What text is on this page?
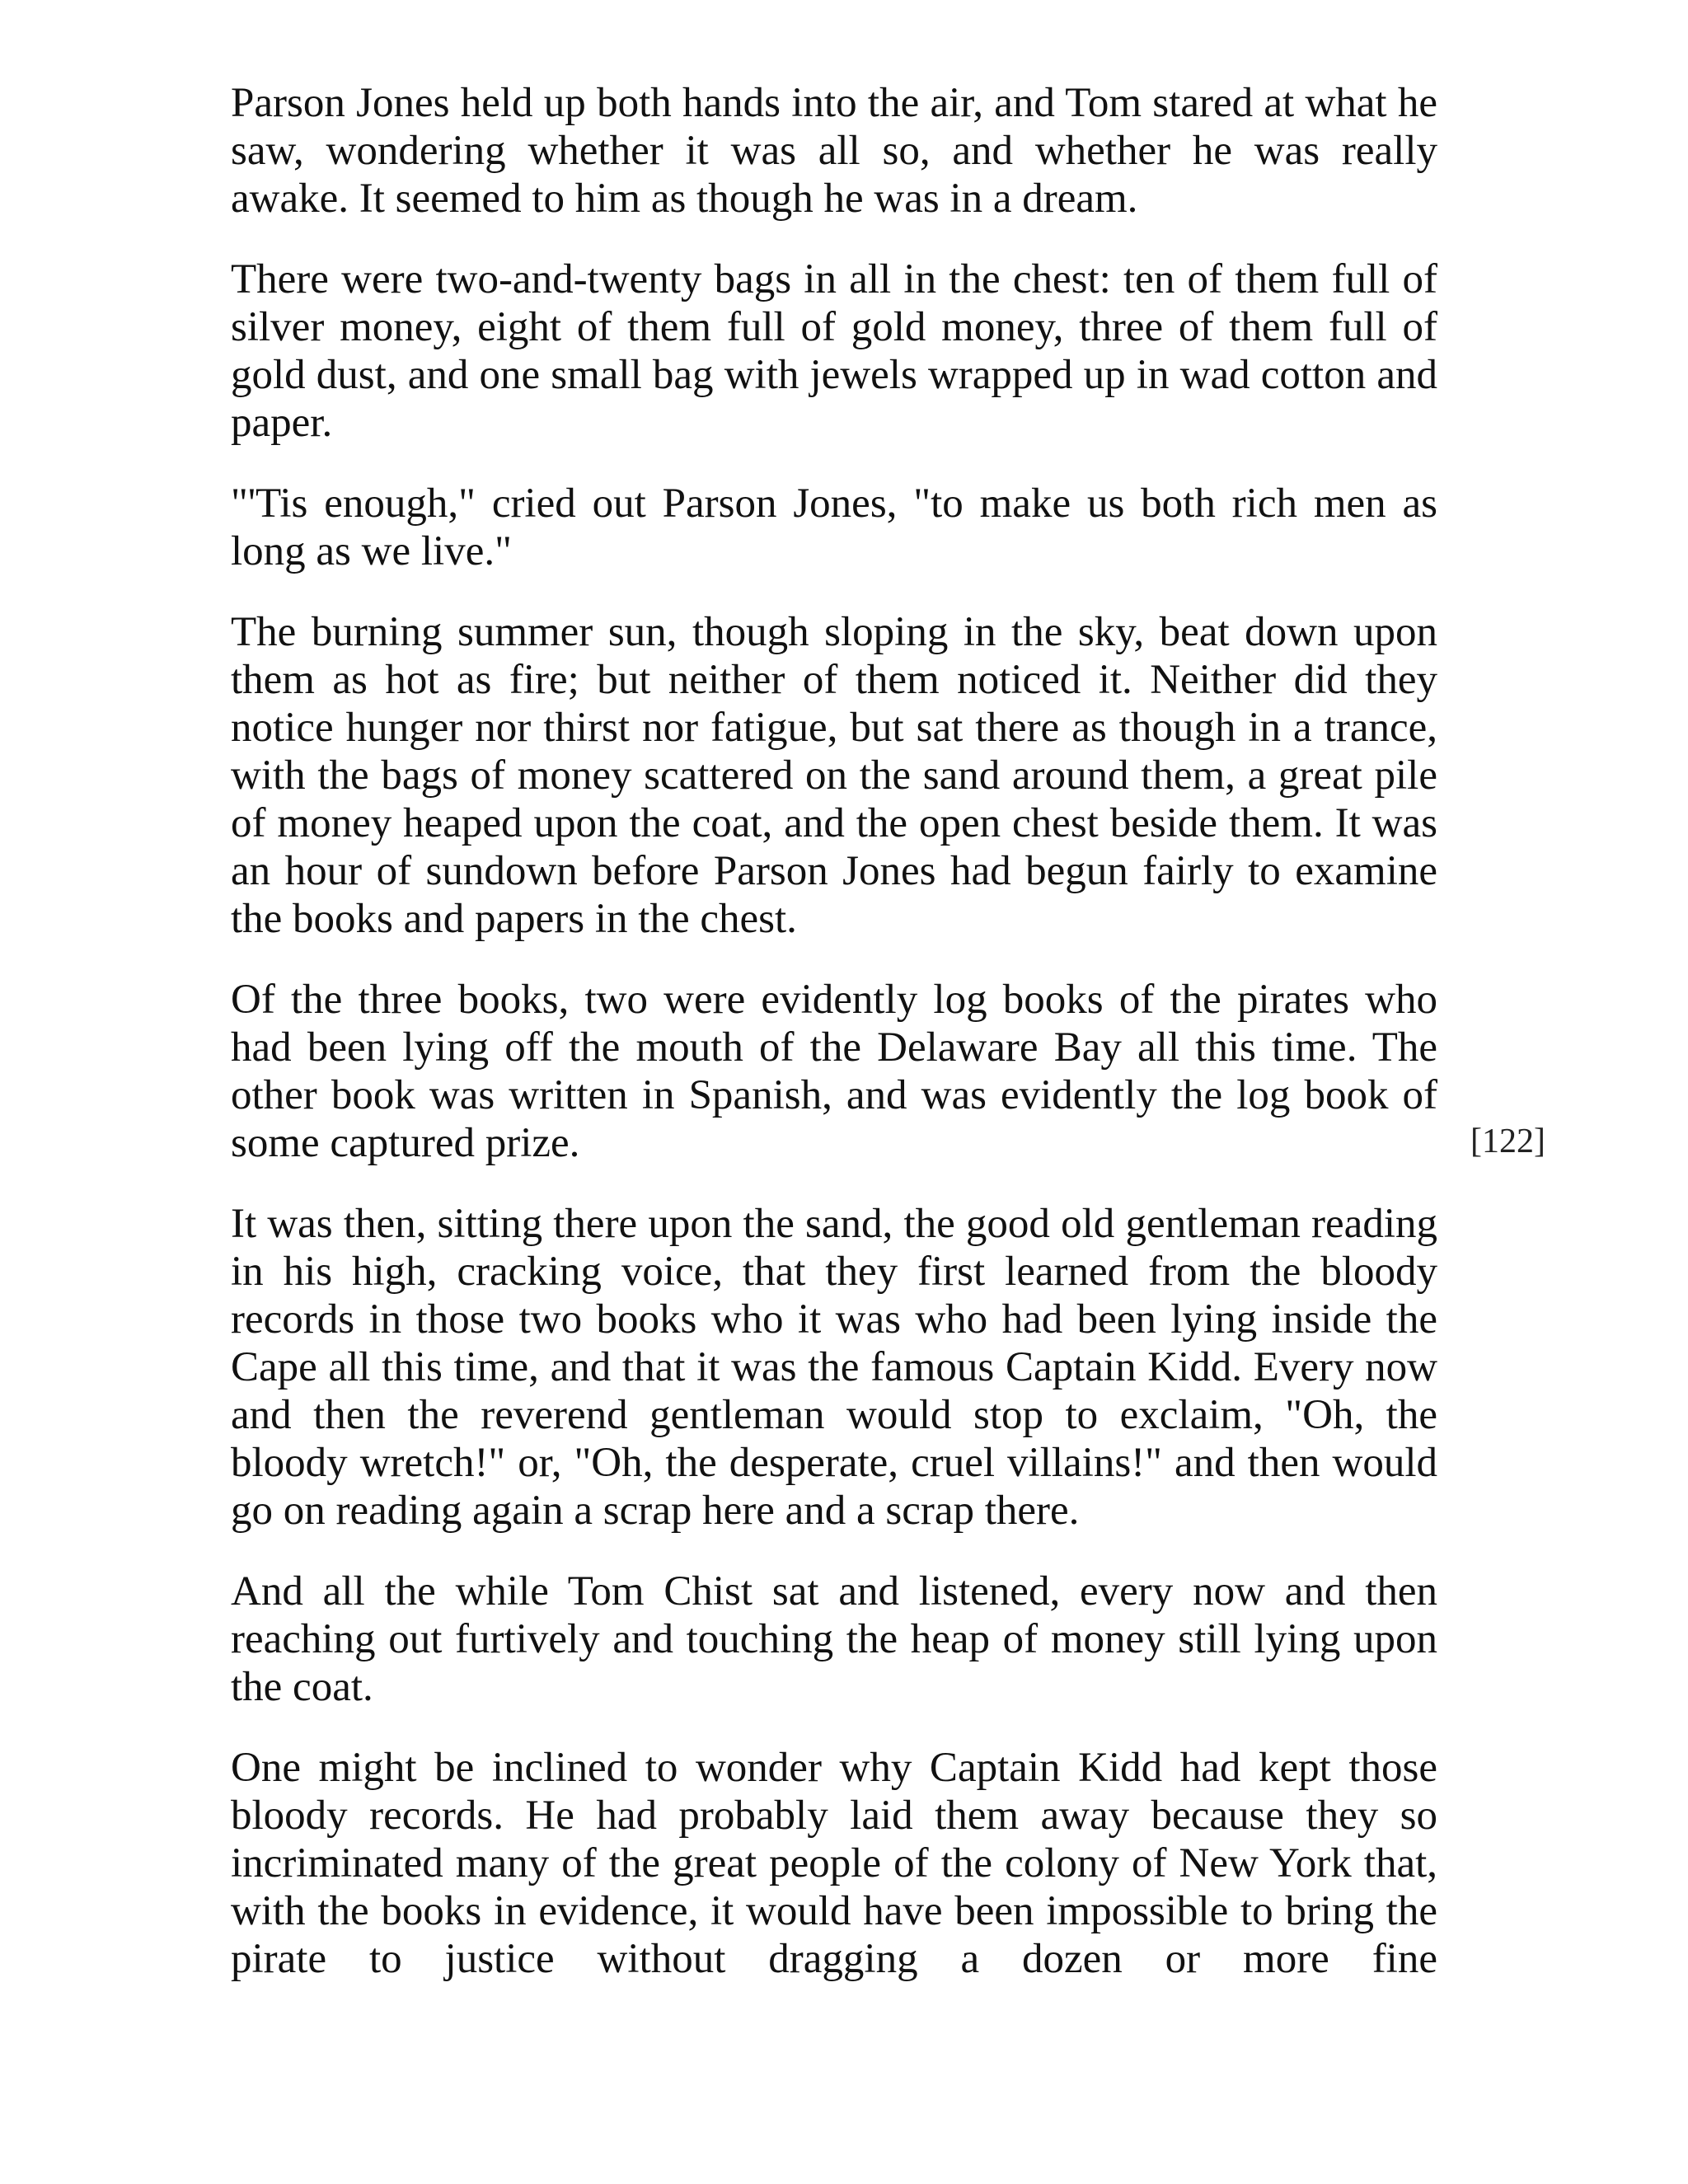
Parson Jones held up both hands into the air, and Tom stared at what he saw, wondering whether it was all so, and whether he was really awake. It seemed to him as though he was in a dream.

There were two-and-twenty bags in all in the chest: ten of them full of silver money, eight of them full of gold money, three of them full of gold dust, and one small bag with jewels wrapped up in wad cotton and paper.

"'Tis enough," cried out Parson Jones, "to make us both rich men as long as we live."

The burning summer sun, though sloping in the sky, beat down upon them as hot as fire; but neither of them noticed it. Neither did they notice hunger nor thirst nor fatigue, but sat there as though in a trance, with the bags of money scattered on the sand around them, a great pile of money heaped upon the coat, and the open chest beside them. It was an hour of sundown before Parson Jones had begun fairly to examine the books and papers in the chest.

Of the three books, two were evidently log books of the pirates who had been lying off the mouth of the Delaware Bay all this time. The other book was written in Spanish, and was evidently the log book of some captured prize.

It was then, sitting there upon the sand, the good old gentleman reading in his high, cracking voice, that they first learned from the bloody records in those two books who it was who had been lying inside the Cape all this time, and that it was the famous Captain Kidd. Every now and then the reverend gentleman would stop to exclaim, "Oh, the bloody wretch!" or, "Oh, the desperate, cruel villains!" and then would go on reading again a scrap here and a scrap there.

And all the while Tom Chist sat and listened, every now and then reaching out furtively and touching the heap of money still lying upon the coat.

One might be inclined to wonder why Captain Kidd had kept those bloody records. He had probably laid them away because they so incriminated many of the great people of the colony of New York that, with the books in evidence, it would have been impossible to bring the pirate to justice without dragging a dozen or more fine

[122]
